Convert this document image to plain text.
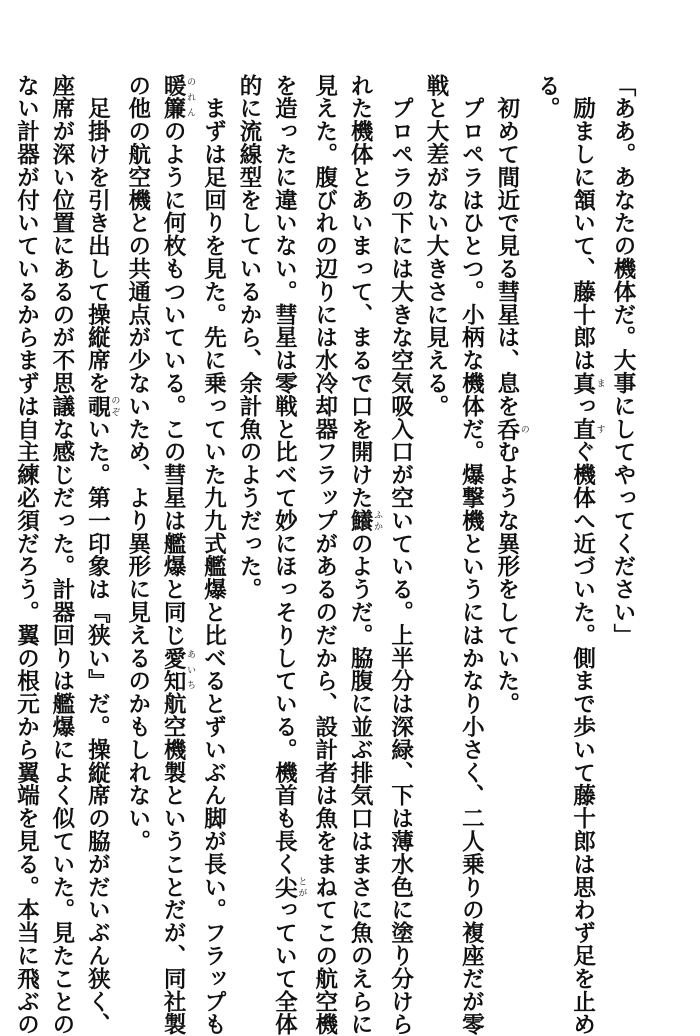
「ああ。あなたの機体だ。大事にしてやってください」
　励ましに頷いて、藤十郎は真っ直 ま　すぐ機体へ近づいた。側まで歩いて藤十郎は思わず足を止め
る。
　初めて間近で見る彗星は、息を呑 のむような異形をしていた。
　プロペラはひとつ。小柄な機体だ。爆撃機というにはかなり小さく、二人乗りの複座だが零
戦と大差がない大きさに見える。
　プロペラの下には大きな空気吸入口が空いている。上半分は深緑、下は薄水色に塗り分けら
れた機体とあいまって、まるで口を開けた鱶 ふかのようだ。脇腹に並ぶ排気口はまさに魚のえらに
見えた。腹びれの辺りには水冷却器フラップがあるのだから、設計者は魚をまねてこの航空機
を造ったに違いない。彗星は零戦と比べて妙にほっそりしている。機首も長く尖 とがっていて全体
的に流線型をしているから、余計魚のようだった。
　まずは足回りを見た。先に乗っていた九九式艦爆と比べるとずいぶん脚が長い。フラップも
暖簾 のれんのように何枚もついている。この彗星は艦爆と同じ愛知 あいち航空機製ということだが、同社製
の他の航空機との共通点が少ないため、より異形に見えるのかもしれない。
　足掛けを引き出して操縦席を覗 のぞいた。第一印象は『狭い』だ。操縦席の脇がだいぶん狭く、
座席が深い位置にあるのが不思議な感じだった。計器回りは艦爆によく似ていた。見たことの
ない計器が付いているからまずは自主練必須だろう。翼の根元から翼端を見る。本当に飛ぶの
